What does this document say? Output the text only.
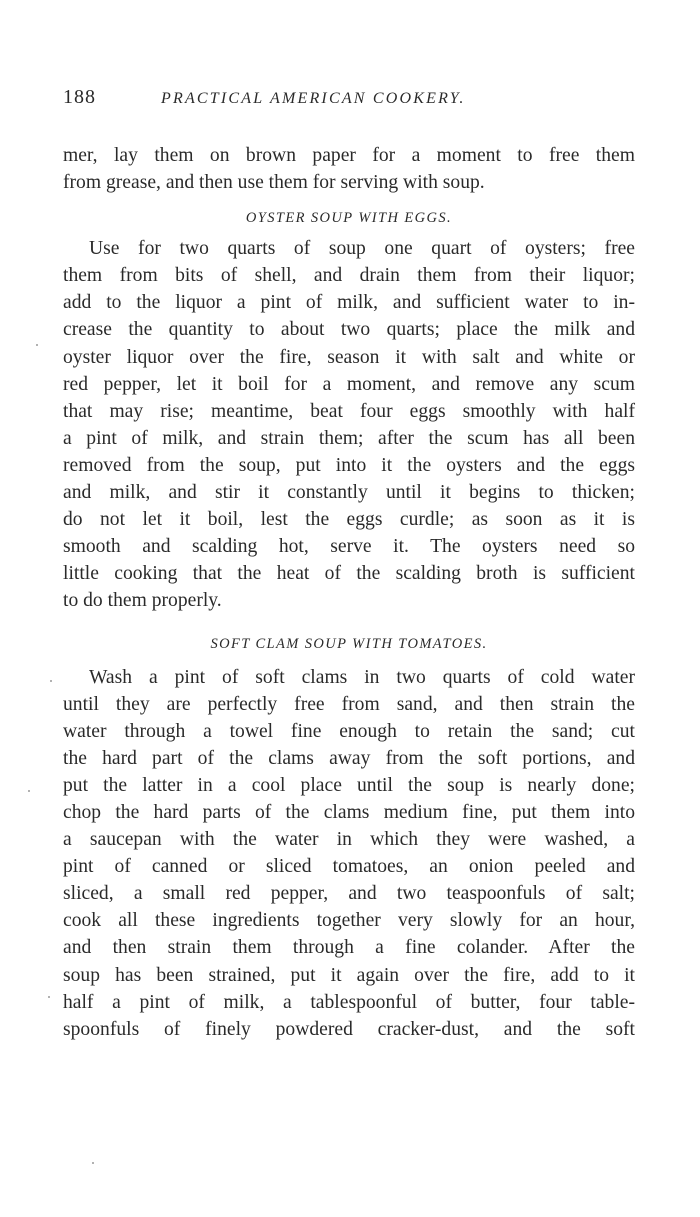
188	PRACTICAL AMERICAN COOKERY.
mer, lay them on brown paper for a moment to free them
from grease, and then use them for serving with soup.
OYSTER SOUP WITH EGGS.
Use for two quarts of soup one quart of oysters; free
them from bits of shell, and drain them from their liquor;
add to the liquor a pint of milk, and sufficient water to in-
crease the quantity to about two quarts; place the milk and
oyster liquor over the fire, season it with salt and white or
red pepper, let it boil for a moment, and remove any scum
that may rise; meantime, beat four eggs smoothly with half
a pint of milk, and strain them; after the scum has all been
removed from the soup, put into it the oysters and the eggs
and milk, and stir it constantly until it begins to thicken;
do not let it boil, lest the eggs curdle; as soon as it is
smooth and scalding hot, serve it. The oysters need so
little cooking that the heat of the scalding broth is sufficient
to do them properly.
SOFT CLAM SOUP WITH TOMATOES.
Wash a pint of soft clams in two quarts of cold water
until they are perfectly free from sand, and then strain the
water through a towel fine enough to retain the sand; cut
the hard part of the clams away from the soft portions, and
put the latter in a cool place until the soup is nearly done;
chop the hard parts of the clams medium fine, put them into
a saucepan with the water in which they were washed, a
pint of canned or sliced tomatoes, an onion peeled and
sliced, a small red pepper, and two teaspoonfuls of salt;
cook all these ingredients together very slowly for an hour,
and then strain them through a fine colander. After the
soup has been strained, put it again over the fire, add to it
half a pint of milk, a tablespoonful of butter, four table-
spoonfuls of finely powdered cracker-dust, and the soft
